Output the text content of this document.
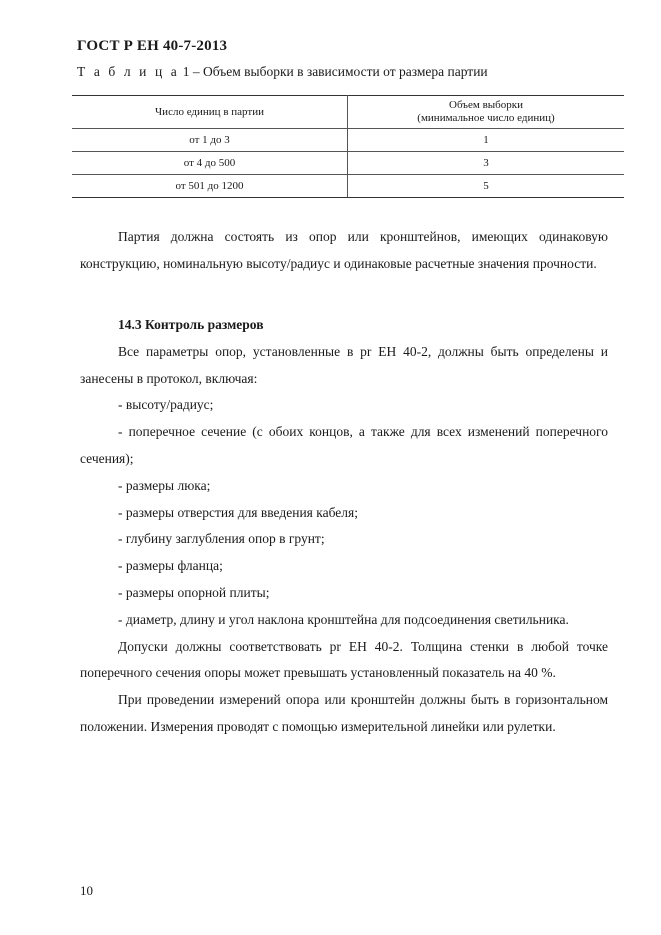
ГОСТ Р ЕН 40-7-2013
Т а б л и ц а 1 – Объем выборки в зависимости от размера партии
Число единиц в партии	Объем выборки
(минимальное число единиц)

от 1 до 3	1
от 4 до 500	3
от 501 до 1200	5

Партия должна состоять из опор или кронштейнов, имеющих одинаковую конструкцию, номинальную высоту/радиус и одинаковые расчетные значения прочности.

14.3 Контроль размеров

Все параметры опор, установленные в pr EH 40-2, должны быть определены и занесены в протокол, включая:

- высоту/радиус;

- поперечное сечение (с обоих концов, а также для всех изменений поперечного сечения);

- размеры люка;

- размеры отверстия для введения кабеля;

- глубину заглубления опор в грунт;

- размеры фланца;

- размеры опорной плиты;

- диаметр, длину и угол наклона кронштейна для подсоединения светильника.

Допуски должны соответствовать pr EH 40-2. Толщина стенки в любой точке поперечного сечения опоры может превышать установленный показатель на 40 %.

При проведении измерений опора или кронштейн должны быть в горизонтальном положении. Измерения проводят с помощью измерительной линейки или рулетки.

10
